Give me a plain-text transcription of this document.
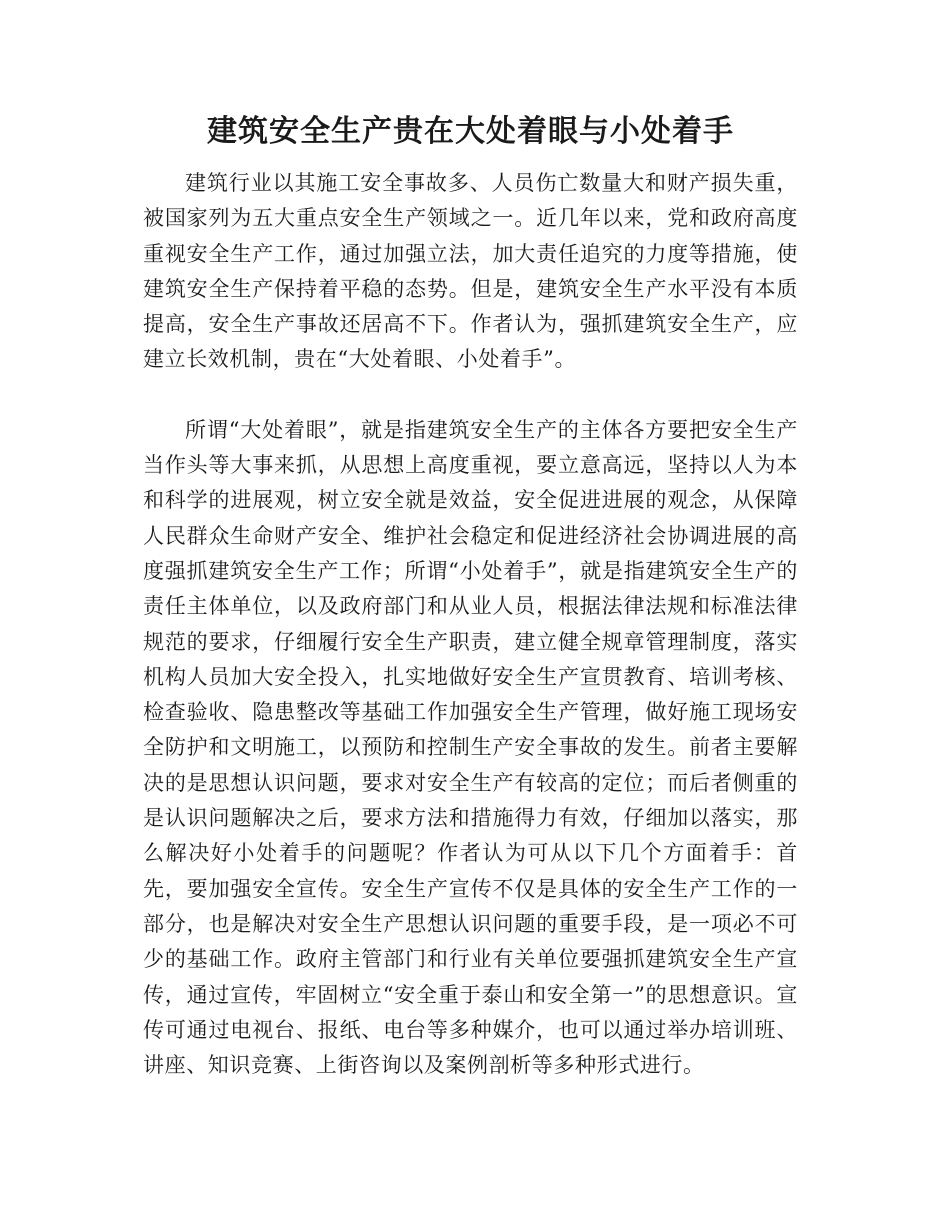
建筑安全生产贵在大处着眼与小处着手

建筑行业以其施工安全事故多、人员伤亡数量大和财产损失重，被国家列为五大重点安全生产领域之一。近几年以来，党和政府高度重视安全生产工作，通过加强立法，加大责任追究的力度等措施，使建筑安全生产保持着平稳的态势。但是，建筑安全生产水平没有本质提高，安全生产事故还居高不下。作者认为，强抓建筑安全生产，应建立长效机制，贵在“大处着眼、小处着手”。

所谓“大处着眼”，就是指建筑安全生产的主体各方要把安全生产当作头等大事来抓，从思想上高度重视，要立意高远，坚持以人为本和科学的进展观，树立安全就是效益，安全促进进展的观念，从保障人民群众生命财产安全、维护社会稳定和促进经济社会协调进展的高度强抓建筑安全生产工作；所谓“小处着手”，就是指建筑安全生产的责任主体单位，以及政府部门和从业人员，根据法律法规和标准法律规范的要求，仔细履行安全生产职责，建立健全规章管理制度，落实机构人员加大安全投入，扎实地做好安全生产宣贯教育、培训考核、检查验收、隐患整改等基础工作加强安全生产管理，做好施工现场安全防护和文明施工，以预防和控制生产安全事故的发生。前者主要解决的是思想认识问题，要求对安全生产有较高的定位；而后者侧重的是认识问题解决之后，要求方法和措施得力有效，仔细加以落实，那么解决好小处着手的问题呢？作者认为可从以下几个方面着手：首先，要加强安全宣传。安全生产宣传不仅是具体的安全生产工作的一部分，也是解决对安全生产思想认识问题的重要手段，是一项必不可少的基础工作。政府主管部门和行业有关单位要强抓建筑安全生产宣传，通过宣传，牢固树立“安全重于泰山和安全第一”的思想意识。宣传可通过电视台、报纸、电台等多种媒介，也可以通过举办培训班、讲座、知识竞赛、上街咨询以及案例剖析等多种形式进行。
